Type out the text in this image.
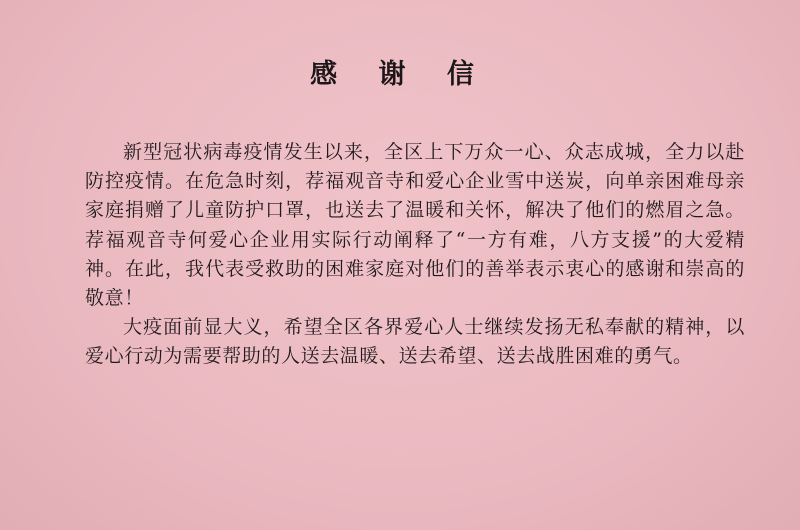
感 谢 信

新型冠状病毒疫情发生以来，全区上下万众一心、众志成城，全力以赴防控疫情。在危急时刻，荐福观音寺和爱心企业雪中送炭，向单亲困难母亲家庭捐赠了儿童防护口罩，也送去了温暖和关怀，解决了他们的燃眉之急。荐福观音寺何爱心企业用实际行动阐释了“一方有难，八方支援”的大爱精神。在此，我代表受救助的困难家庭对他们的善举表示衷心的感谢和崇高的敬意！

大疫面前显大义，希望全区各界爱心人士继续发扬无私奉献的精神，以爱心行动为需要帮助的人送去温暖、送去希望、送去战胜困难的勇气。
